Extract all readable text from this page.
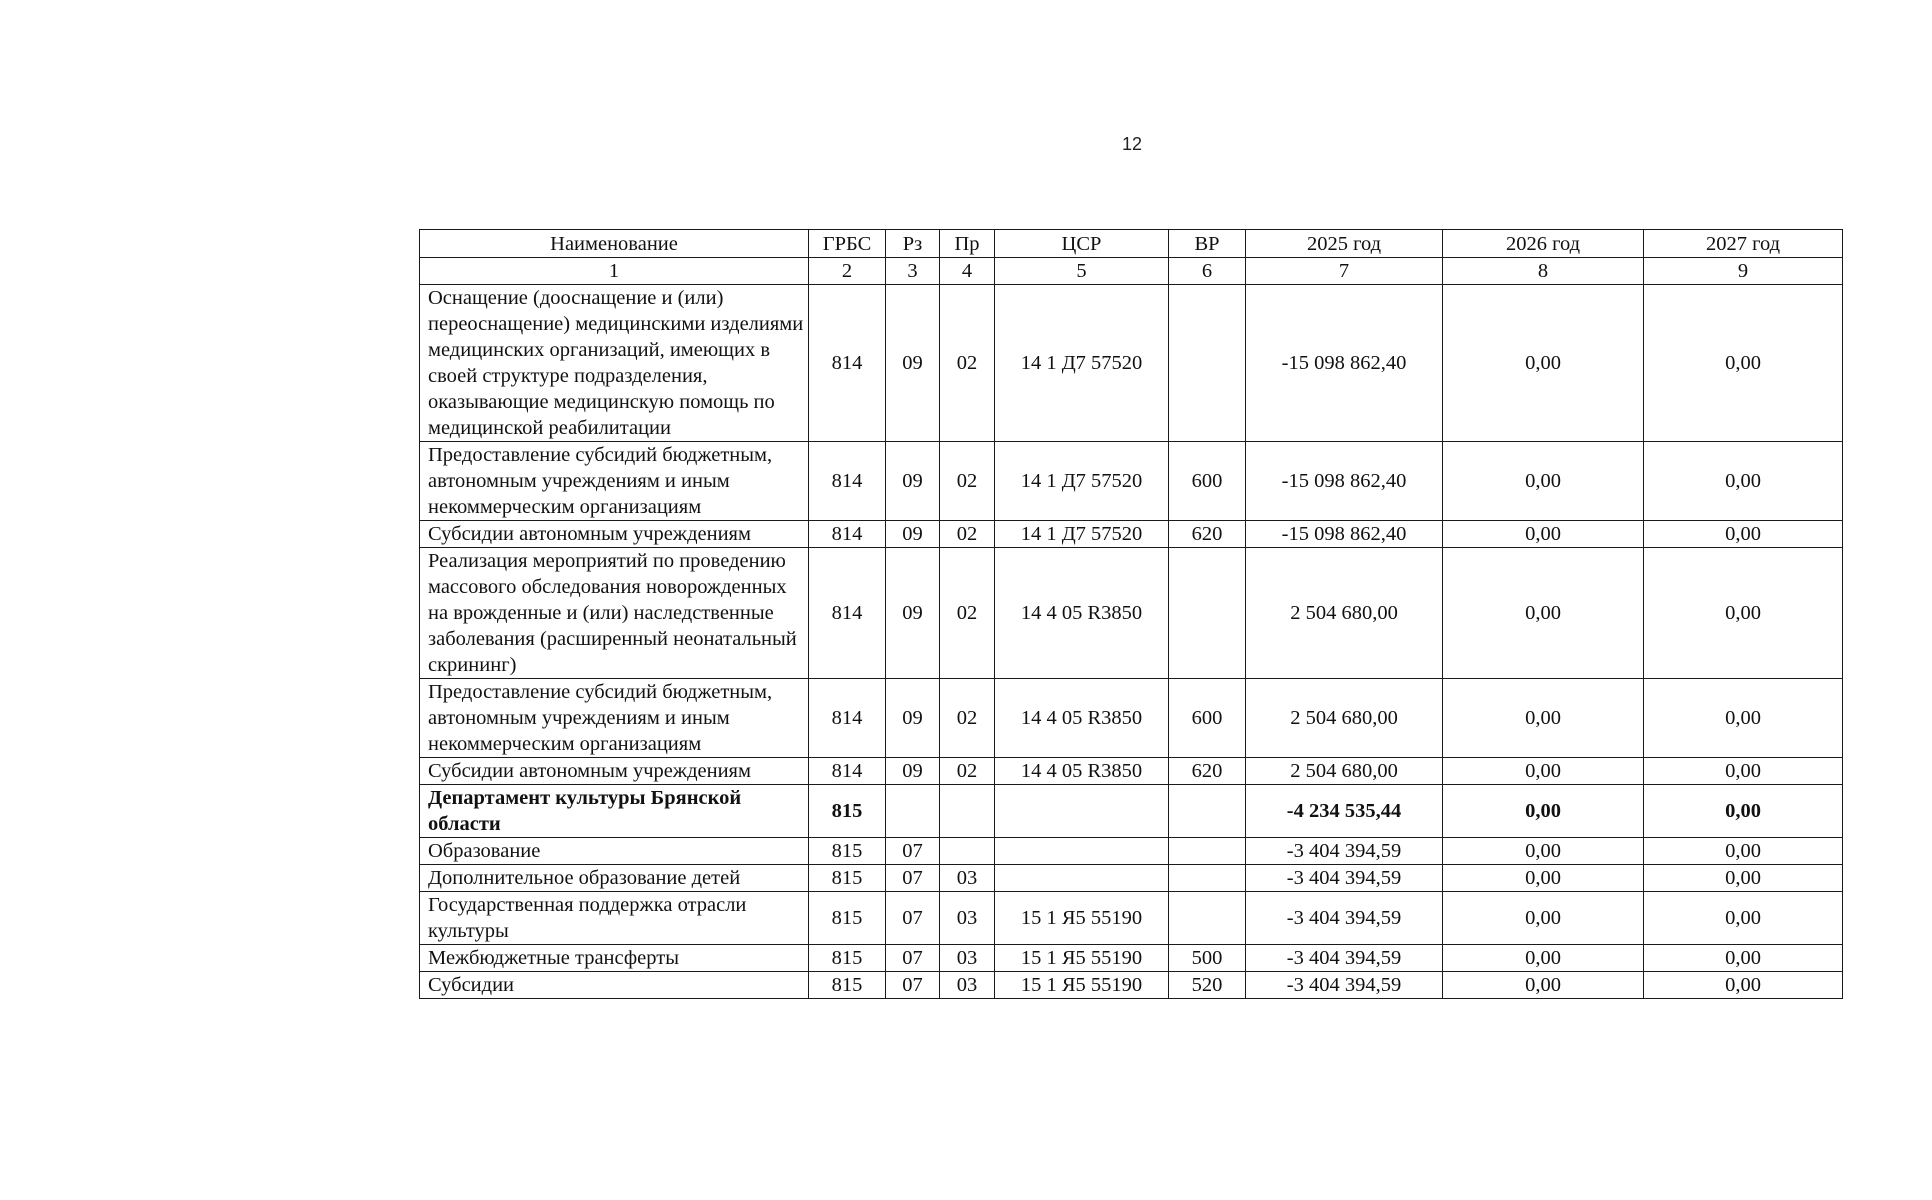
12
Наименование	ГРБС	Рз	Пр	ЦСР	ВР	2025 год	2026 год	2027 год
1	2	3	4	5	6	7	8	9
Оснащение (дооснащение и (или) переоснащение) медицинскими изделиями медицинских организаций, имеющих в своей структуре подразделения, оказывающие медицинскую помощь по медицинской реабилитации	814	09	02	14 1 Д7 57520		-15 098 862,40	0,00	0,00
Предоставление субсидий бюджетным, автономным учреждениям и иным некоммерческим организациям	814	09	02	14 1 Д7 57520	600	-15 098 862,40	0,00	0,00
Субсидии автономным учреждениям	814	09	02	14 1 Д7 57520	620	-15 098 862,40	0,00	0,00
Реализация мероприятий по проведению массового обследования новорожденных на врожденные и (или) наследственные заболевания (расширенный неонатальный скрининг)	814	09	02	14 4 05 R3850		2 504 680,00	0,00	0,00
Предоставление субсидий бюджетным, автономным учреждениям и иным некоммерческим организациям	814	09	02	14 4 05 R3850	600	2 504 680,00	0,00	0,00
Субсидии автономным учреждениям	814	09	02	14 4 05 R3850	620	2 504 680,00	0,00	0,00
Департамент культуры Брянской области	815					-4 234 535,44	0,00	0,00
Образование	815	07				-3 404 394,59	0,00	0,00
Дополнительное образование детей	815	07	03			-3 404 394,59	0,00	0,00
Государственная поддержка отрасли культуры	815	07	03	15 1 Я5 55190		-3 404 394,59	0,00	0,00
Межбюджетные трансферты	815	07	03	15 1 Я5 55190	500	-3 404 394,59	0,00	0,00
Субсидии	815	07	03	15 1 Я5 55190	520	-3 404 394,59	0,00	0,00
